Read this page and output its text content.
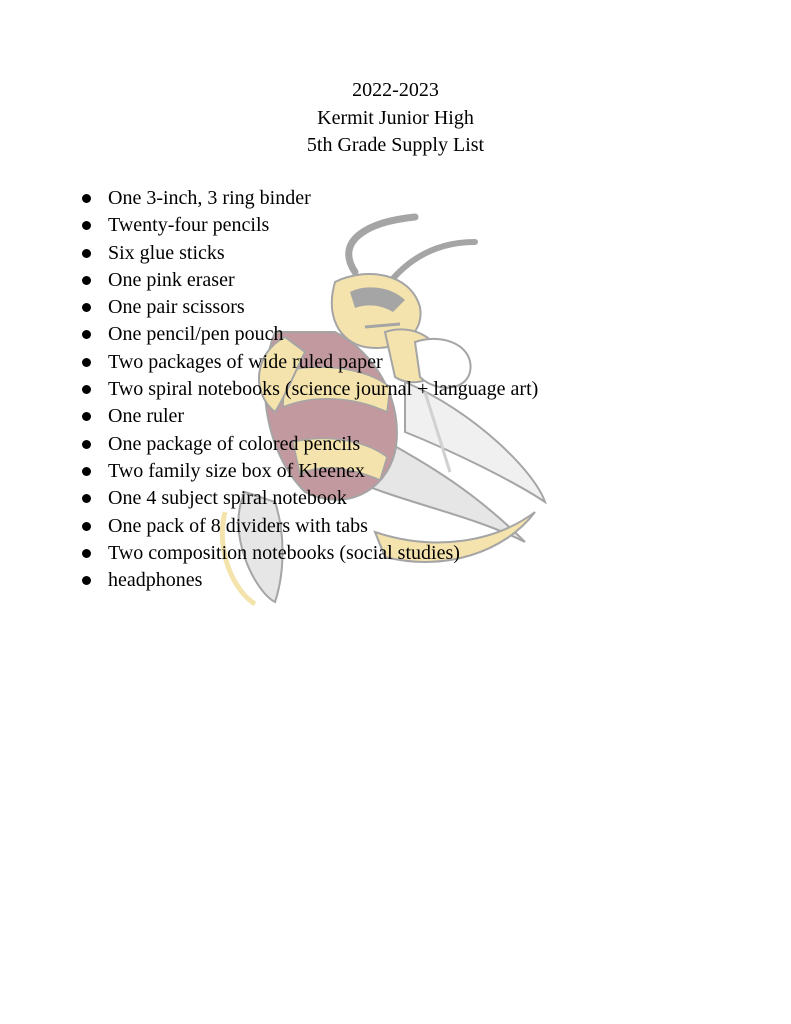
2022-2023
Kermit Junior High
5th Grade Supply List
One 3-inch, 3 ring binder
Twenty-four pencils
Six glue sticks
One pink eraser
One pair scissors
One pencil/pen pouch
Two packages of wide ruled paper
Two spiral notebooks (science journal + language art)
One ruler
One package of colored pencils
Two family size box of Kleenex
One 4 subject spiral notebook
One pack of 8 dividers with tabs
Two composition notebooks (social studies)
headphones
